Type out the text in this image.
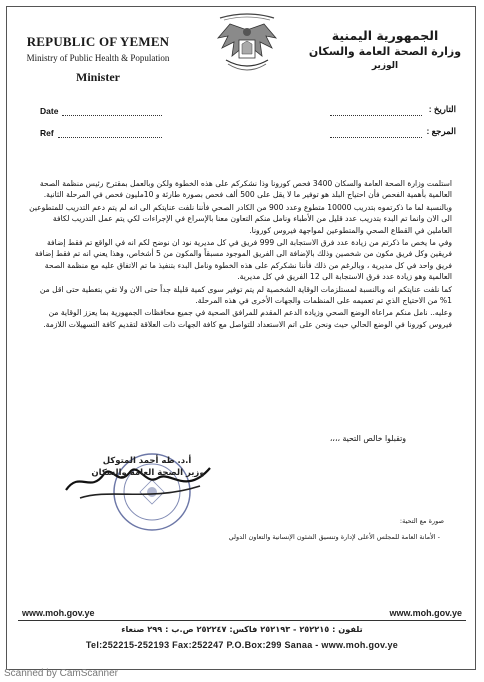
REPUBLIC OF YEMEN
Ministry of Public Health & Population
Minister
الجمهورية اليمنية
وزارة الصحة العامة والسكان
الوزير
Date	التاريخ :
Ref	المرجع :

استلمت وزارة الصحة العامة والسكان 3400 فحص كورونا وذا نشكركم على هذه الخطوة ولكن وبالعمل بمقترح رئيس منظمة الصحة العالمية بأهمية الفحص فأن احتياج البلد هو توفير ما لا يقل على 500 ألف فحص بصورة طارئة و 10مليون فحص في المرحلة الثانية.

وبالنسبة لما ما ذكرتموه بتدريب 10000 متطوع وعدد 900 من الكادر الصحي فأننا نلفت عنايتكم الى انه لم يتم دعم التدريب للمتطوعين الى الان وانما تم البدء بتدريب عدد قليل من الأطباء ونامل منكم التعاون معنا بالإسراع في الإجراءات لكي يتم عمل التدريب لكافة العاملين في القطاع الصحي والمتطوعين لمواجهة فيروس كورونا.

وفي ما يخص ما ذكرتم من زيادة عدد فرق الاستجابة الى 999 فريق في كل مديرية نود ان نوضح لكم انه في الواقع تم فقط إضافة فريقين وكل فريق مكون من شخصين وذلك بالإضافة الى الفريق الموجود مسبقاً والمكون من 5 أشخاص، وهذا يعني انه تم فقط إضافة فريق واحد في كل مديرية ، وبالرغم من ذلك فأننا نشكركم على هذه الخطوة ونامل البدء بتنفيذ ما تم الاتفاق عليه مع منظمة الصحة العالمية وهو زيادة عدد فرق الاستجابة الى 12 الفريق في كل مديرية.

كما نلفت عنايتكم انه وبالنسبة لمستلزمات الوقاية الشخصية لم يتم توفير سوى كمية قليلة جداً حتى الان ولا تفي بتغطية حتى اقل من 1% من الاحتياج الذي تم تعميمه على المنظمات والجهات الأخرى في هذه المرحلة.

وعليه.. نامل منكم مراعاة الوضع الصحي وزيادة الدعم المقدم للمرافق الصحية في جميع محافظات الجمهورية بما يعزز الوقاية من فيروس كورونا في الوضع الحالي حيث ونحن على اتم الاستعداد للتواصل مع كافة الجهات ذات العلاقة لتقديم كافة التسهيلات اللازمة.

وتقبلوا خالص التحية ،،،،
أ.د. طه أحمد المتوكل
وزير الصحة العامة والسكان
صورة مع التحية:
- الأمانة العامة للمجلس الأعلى لإدارة وتنسيق الشئون الإنسانية والتعاون الدولي
www.moh.gov.ye	www.moh.gov.ye
تلفون : ٢٥٢٢١٥ - ٢٥٢١٩٣ فاكس: ٢٥٢٢٤٧ ص.ب : ٢٩٩ صنعاء
Tel:252215-252193 Fax:252247 P.O.Box:299 Sanaa - www.moh.gov.ye
Scanned by CamScanner
